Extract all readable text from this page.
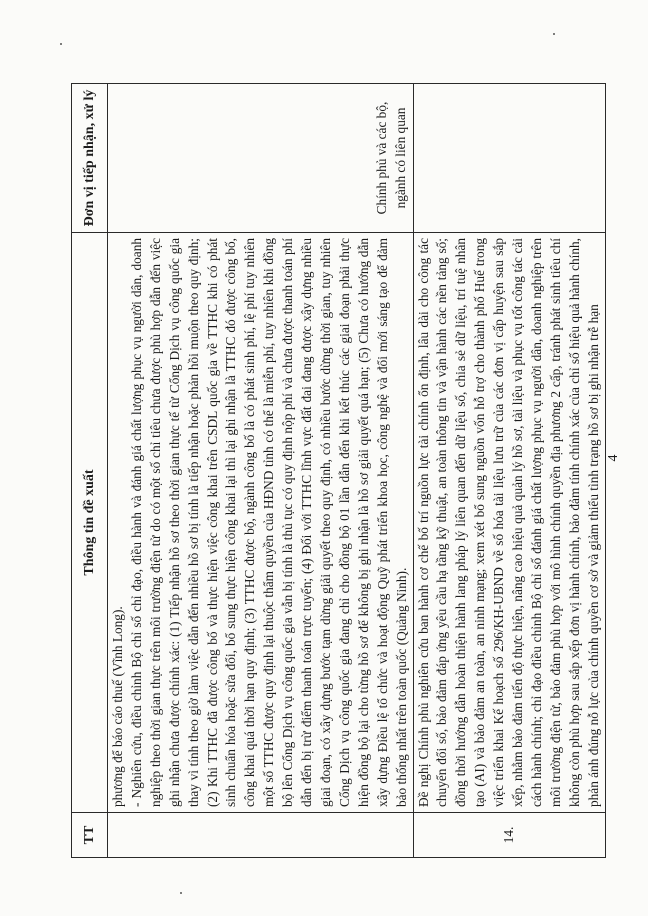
TT	Thông tin đề xuất	Đơn vị tiếp nhận, xử lý

	phương để báo cáo thuế (Vĩnh Long). - Nghiên cứu, điều chỉnh Bộ chỉ số chỉ đạo, điều hành và đánh giá chất lượng phục vụ người dân, doanh nghiệp theo thời gian thực trên môi trường điện tử do có một số chỉ tiêu chưa được phù hợp dẫn đến việc ghi nhận chưa được chính xác: (1) Tiếp nhận hồ sơ theo thời gian thực tế từ Cổng Dịch vụ công quốc gia thay vì tính theo giờ làm việc dẫn đến nhiều hồ sơ bị tính là tiếp nhận hoặc phản hồi muộn theo quy định; (2) Khi TTHC đã được công bố và thực hiện việc công khai trên CSDL quốc gia về TTHC khi có phát sinh chuẩn hóa hoặc sửa đổi, bổ sung thực hiện công khai lại thì lại ghi nhận là TTHC đó được công bố, công khai quá thời hạn quy định; (3) TTHC được bộ, ngành công bố là có phát sinh phí, lệ phí tuy nhiên một số TTHC được quy định lại thuộc thẩm quyền của HĐND tỉnh có thể là miễn phí, tuy nhiên khi đồng bộ lên Cổng Dịch vụ công quốc gia vẫn bị tính là thủ tục có quy định nộp phí và chưa được thanh toán phí dẫn đến bị trừ điểm thanh toán trực tuyến; (4) Đối với TTHC lĩnh vực đất đai đang được xây dựng nhiều giai đoạn, có xây dựng bước tạm dừng giải quyết theo quy định, có nhiều bước dừng thời gian, tuy nhiên Cổng Dịch vụ công quốc gia đang chỉ cho đồng bộ 01 lần dẫn đến khi kết thúc các giai đoạn phải thực hiện đồng bộ lại cho từng hồ sơ để không bị ghi nhận là hồ sơ giải quyết quá hạn; (5) Chưa có hướng dẫn xây dựng Điều lệ tổ chức và hoạt động Quỹ phát triển khoa học, công nghệ và đổi mới sáng tạo để đảm bảo thống nhất trên toàn quốc (Quảng Ninh).	Chính phủ và các bộ, ngành có liên quan
14.	Đề nghị Chính phủ nghiên cứu ban hành cơ chế bố trí nguồn lực tài chính ổn định, lâu dài cho công tác chuyển đổi số, bảo đảm đáp ứng yêu cầu hạ tầng kỹ thuật, an toàn thông tin và vận hành các nền tảng số; đồng thời hướng dẫn hoàn thiện hành lang pháp lý liên quan đến dữ liệu số, chia sẻ dữ liệu, trí tuệ nhân tạo (AI) và bảo đảm an toàn, an ninh mạng; xem xét bổ sung nguồn vốn hỗ trợ cho thành phố Huế trong việc triển khai Kế hoạch số 296/KH-UBND về số hóa tài liệu lưu trữ của các đơn vị cấp huyện sau sắp xếp, nhằm bảo đảm tiến độ thực hiện, nâng cao hiệu quả quản lý hồ sơ, tài liệu và phục vụ tốt công tác cải cách hành chính; chỉ đạo điều chỉnh Bộ chỉ số đánh giá chất lượng phục vụ người dân, doanh nghiệp trên môi trường điện tử, bảo đảm phù hợp với mô hình chính quyền địa phương 2 cấp, tránh phát sinh tiêu chí không còn phù hợp sau sắp xếp đơn vị hành chính, bảo đảm tính chính xác của chỉ số hiệu quả hành chính, phản ánh đúng nỗ lực của chính quyền cơ sở và giảm thiểu tình trạng hồ sơ bị ghi nhận trễ hạn	

	4
